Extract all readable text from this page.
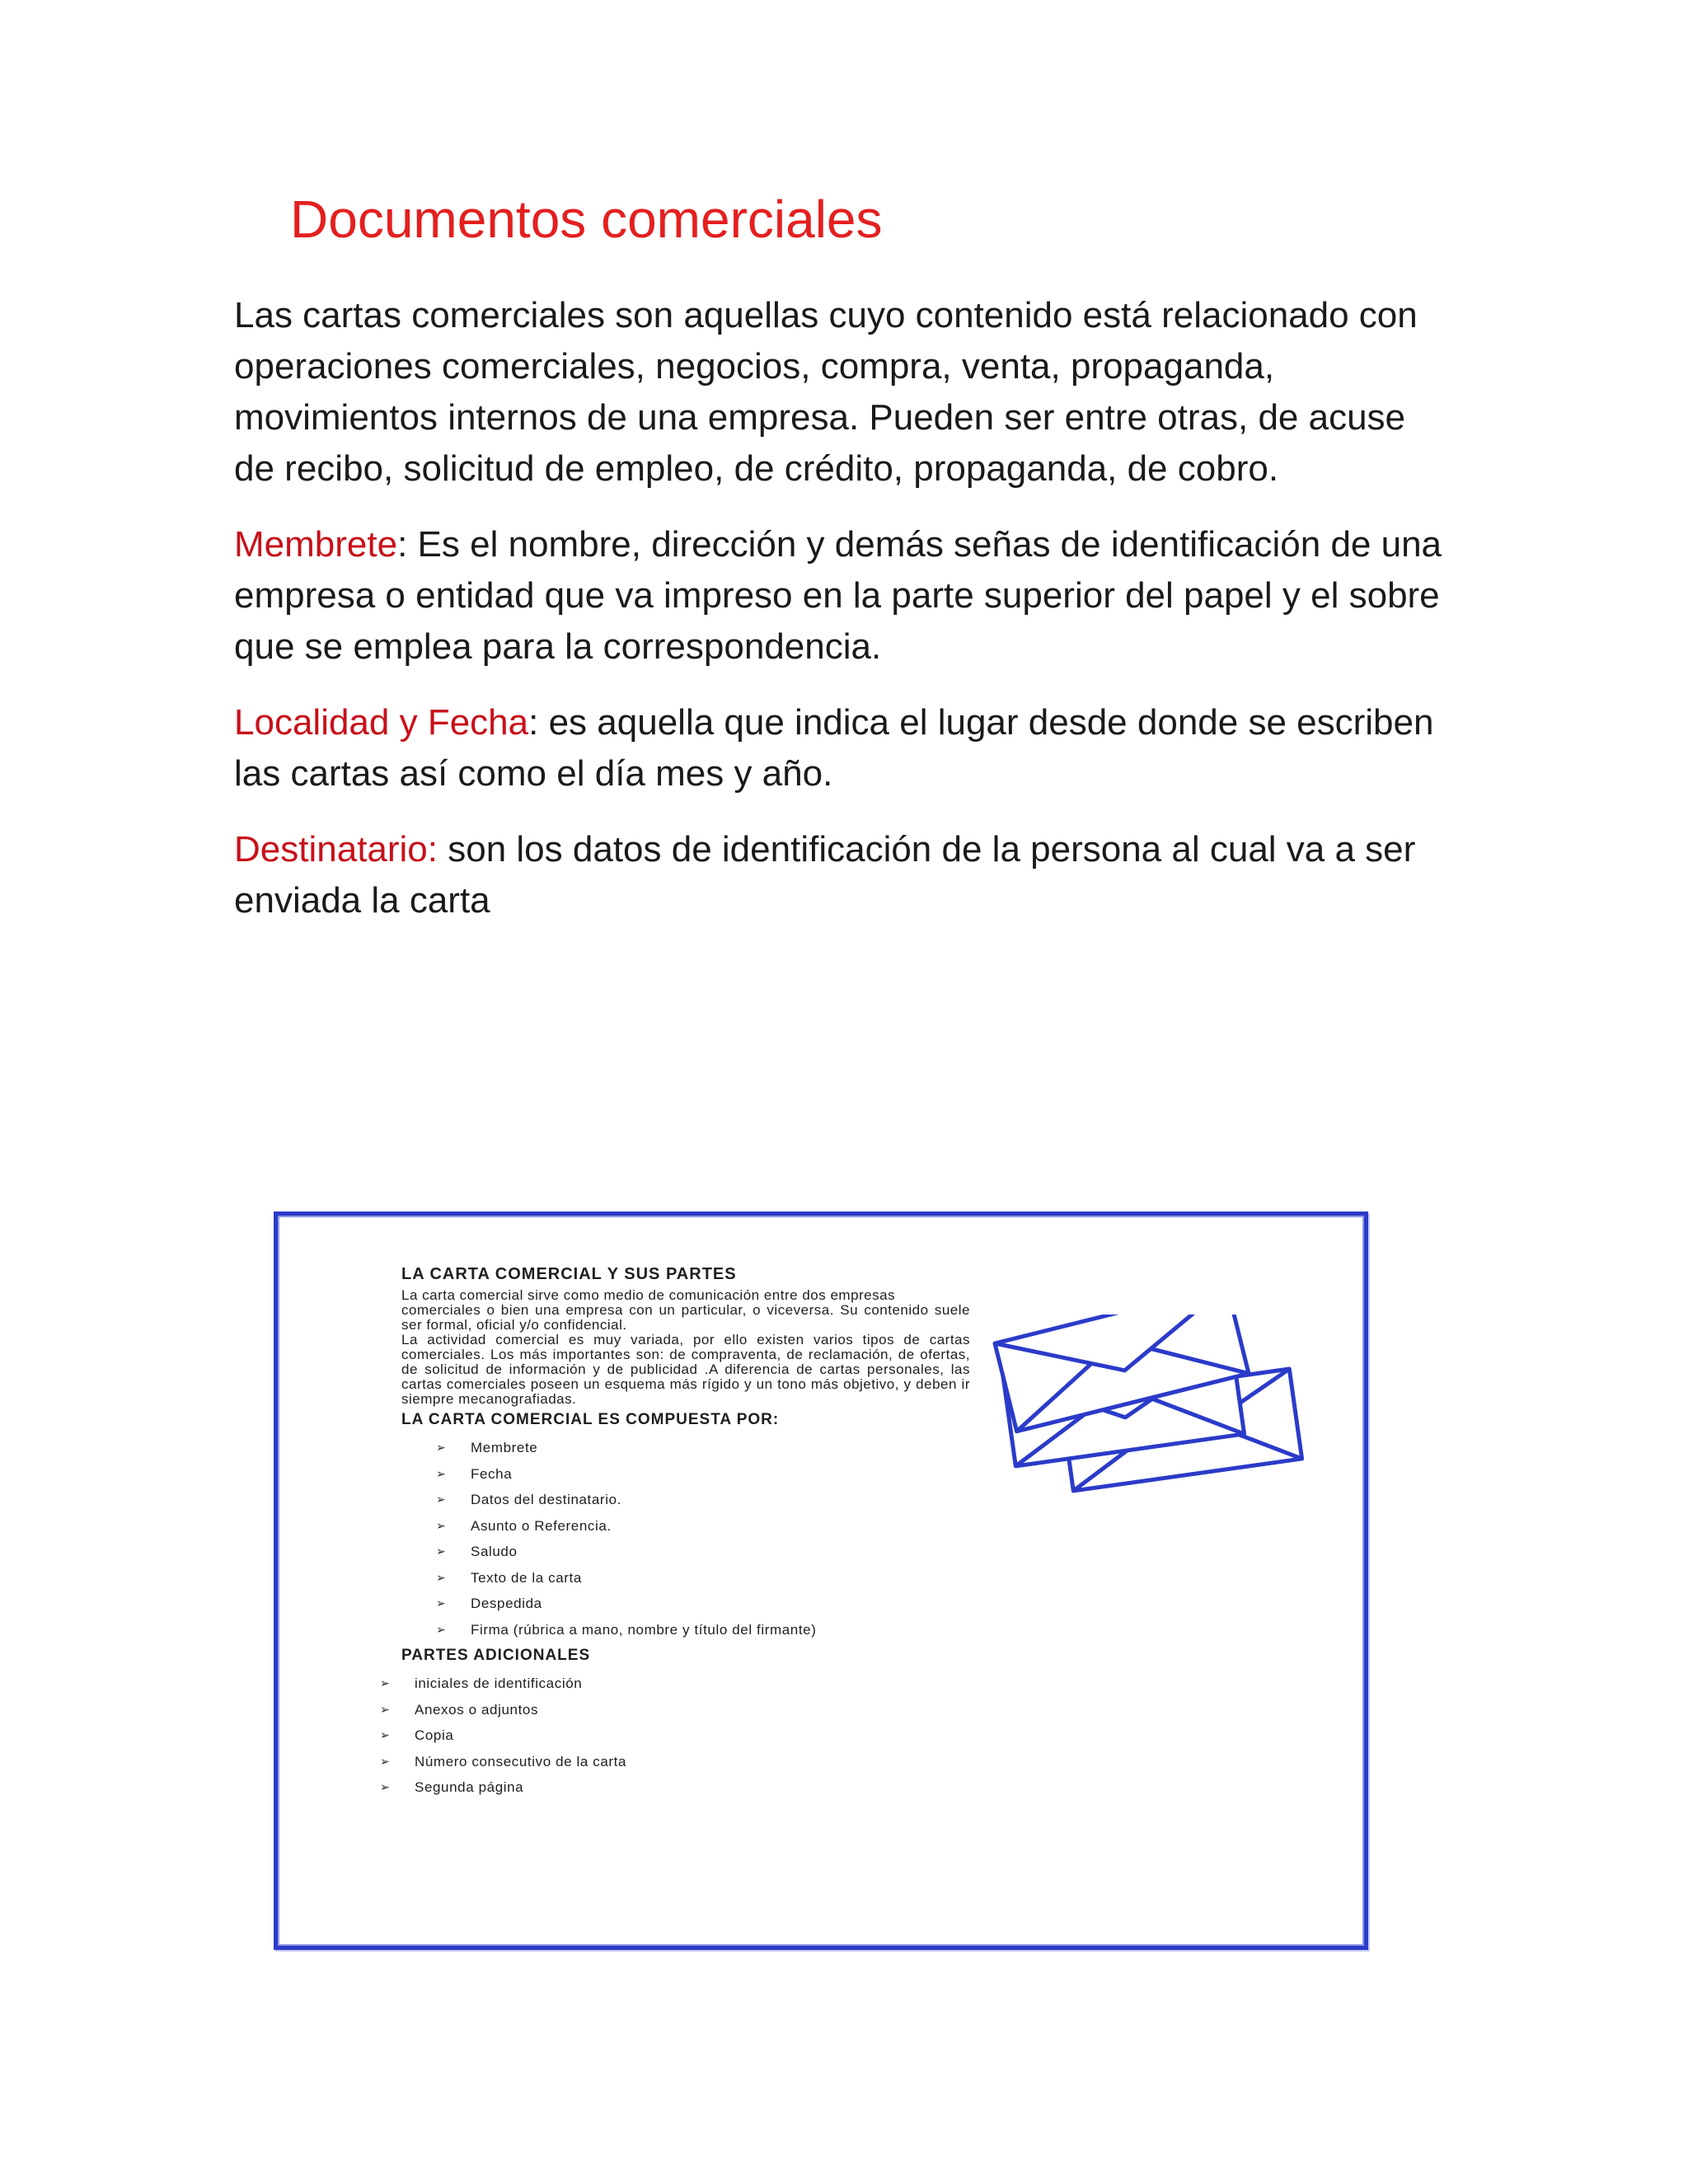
Documentos comerciales

Las cartas comerciales son aquellas cuyo contenido está relacionado con operaciones comerciales, negocios, compra, venta, propaganda, movimientos internos de una empresa. Pueden ser entre otras, de acuse de recibo, solicitud de empleo, de crédito, propaganda, de cobro.

Membrete: Es el nombre, dirección y demás señas de identificación de una empresa o entidad que va impreso en la parte superior del papel y el sobre que se emplea para la correspondencia.

Localidad y Fecha: es aquella que indica el lugar desde donde se escriben las cartas así como el día mes y año.

Destinatario: son los datos de identificación de la persona al cual va a ser enviada la carta

LA CARTA COMERCIAL Y SUS PARTES

La carta comercial sirve como medio de comunicación entre dos empresas

comerciales o bien una empresa con un particular, o viceversa. Su contenido suele ser formal, oficial y/o confidencial.

La actividad comercial es muy variada, por ello existen varios tipos de cartas comerciales. Los más importantes son: de compraventa, de reclamación, de ofertas, de solicitud de información y de publicidad .A diferencia de cartas personales, las cartas comerciales poseen un esquema más rígido y un tono más objetivo, y deben ir siempre mecanografiadas.

LA CARTA COMERCIAL ES COMPUESTA POR:

➢	Membrete
➢	Fecha
➢	Datos del destinatario.
➢	Asunto o Referencia.
➢	Saludo
➢	Texto de la carta
➢	Despedida
➢	Firma (rúbrica a mano, nombre y título del firmante)

PARTES ADICIONALES

➢	iniciales de identificación
➢	Anexos o adjuntos
➢	Copia
➢	Número consecutivo de la carta
➢	Segunda página
